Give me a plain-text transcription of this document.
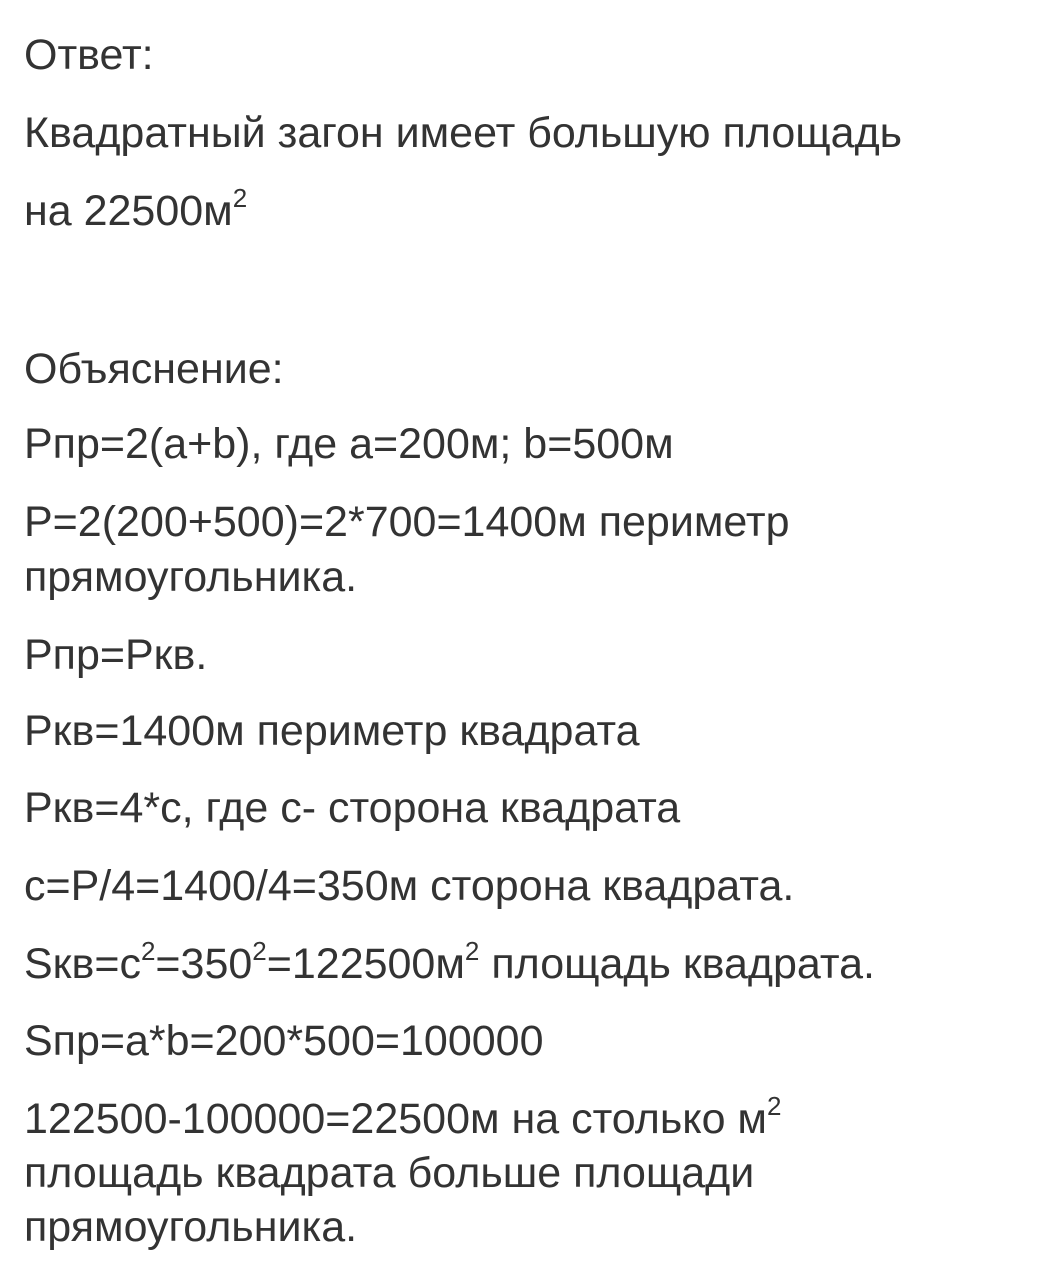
Ответ:
Квадратный загон имеет большую площадь
на $22500м^2$
Объяснение:
Pпр=2(a+b), где a=200м; b=500м
P=2(200+500)=2*700=1400м периметр
прямоугольника.
Pпр=Pкв.
Pкв=1400м периметр квадрата
Pкв=4*c, где c- сторона квадрата
c=P/4=1400/4=350м сторона квадрата.
$Sкв=c^2=350^2=122500м^2$ площадь квадрата.
Sпр=a*b=200*500=100000
122500-100000=22500м на столько $м^2$
площадь квадрата больше площади
прямоугольника.
